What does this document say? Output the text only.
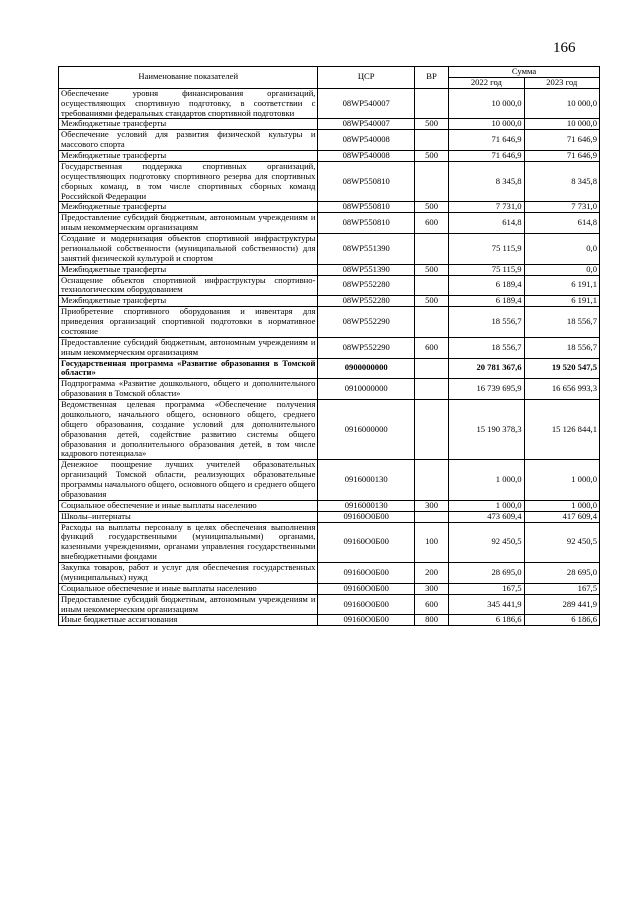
166
Наименование показателей	ЦСР	ВР	Сумма	
			2022 год	2023 год
Обеспечение уровня финансирования организаций, осуществляющих спортивную подготовку, в соответствии с требованиями федеральных стандартов спортивной подготовки	08WP540007		10 000,0	10 000,0
Межбюджетные трансферты	08WP540007	500	10 000,0	10 000,0
Обеспечение условий для развития физической культуры и массового спорта	08WP540008		71 646,9	71 646,9
Межбюджетные трансферты	08WP540008	500	71 646,9	71 646,9
Государственная поддержка спортивных организаций, осуществляющих подготовку спортивного резерва для спортивных сборных команд, в том числе спортивных сборных команд Российской Федерации	08WP550810		8 345,8	8 345,8
Межбюджетные трансферты	08WP550810	500	7 731,0	7 731,0
Предоставление субсидий бюджетным, автономным учреждениям и иным некоммерческим организациям	08WP550810	600	614,8	614,8
Создание и модернизация объектов спортивной инфраструктуры региональной собственности (муниципальной собственности) для занятий физической культурой и спортом	08WP551390		75 115,9	0,0
Межбюджетные трансферты	08WP551390	500	75 115,9	0,0
Оснащение объектов спортивной инфраструктуры спортивно-технологическим оборудованием	08WP552280		6 189,4	6 191,1
Межбюджетные трансферты	08WP552280	500	6 189,4	6 191,1
Приобретение спортивного оборудования и инвентаря для приведения организаций спортивной подготовки в нормативное состояние	08WP552290		18 556,7	18 556,7
Предоставление субсидий бюджетным, автономным учреждениям и иным некоммерческим организациям	08WP552290	600	18 556,7	18 556,7
Государственная программа «Развитие образования в Томской области»	0900000000		20 781 367,6	19 520 547,5
Подпрограмма «Развитие дошкольного, общего и дополнительного образования в Томской области»	0910000000		16 739 695,9	16 656 993,3
Ведомственная целевая программа «Обеспечение получения дошкольного, начального общего, основного общего, среднего общего образования, создание условий для дополнительного образования детей, содействие развитию системы общего образования и дополнительного образования детей, в том числе кадрового потенциала»	0916000000		15 190 378,3	15 126 844,1
Денежное поощрение лучших учителей образовательных организаций Томской области, реализующих образовательные программы начального общего, основного общего и среднего общего образования	0916000130		1 000,0	1 000,0
Социальное обеспечение и иные выплаты населению	0916000130	300	1 000,0	1 000,0
Школы–интернаты	09160O0Б00		473 609,4	417 609,4
Расходы на выплаты персоналу в целях обеспечения выполнения функций государственными (муниципальными) органами, казенными учреждениями, органами управления государственными внебюджетными фондами	09160O0Б00	100	92 450,5	92 450,5
Закупка товаров, работ и услуг для обеспечения государственных (муниципальных) нужд	09160O0Б00	200	28 695,0	28 695,0
Социальное обеспечение и иные выплаты населению	09160O0Б00	300	167,5	167,5
Предоставление субсидий бюджетным, автономным учреждениям и иным некоммерческим организациям	09160O0Б00	600	345 441,9	289 441,9
Иные бюджетные ассигнования	09160O0Б00	800	6 186,6	6 186,6
